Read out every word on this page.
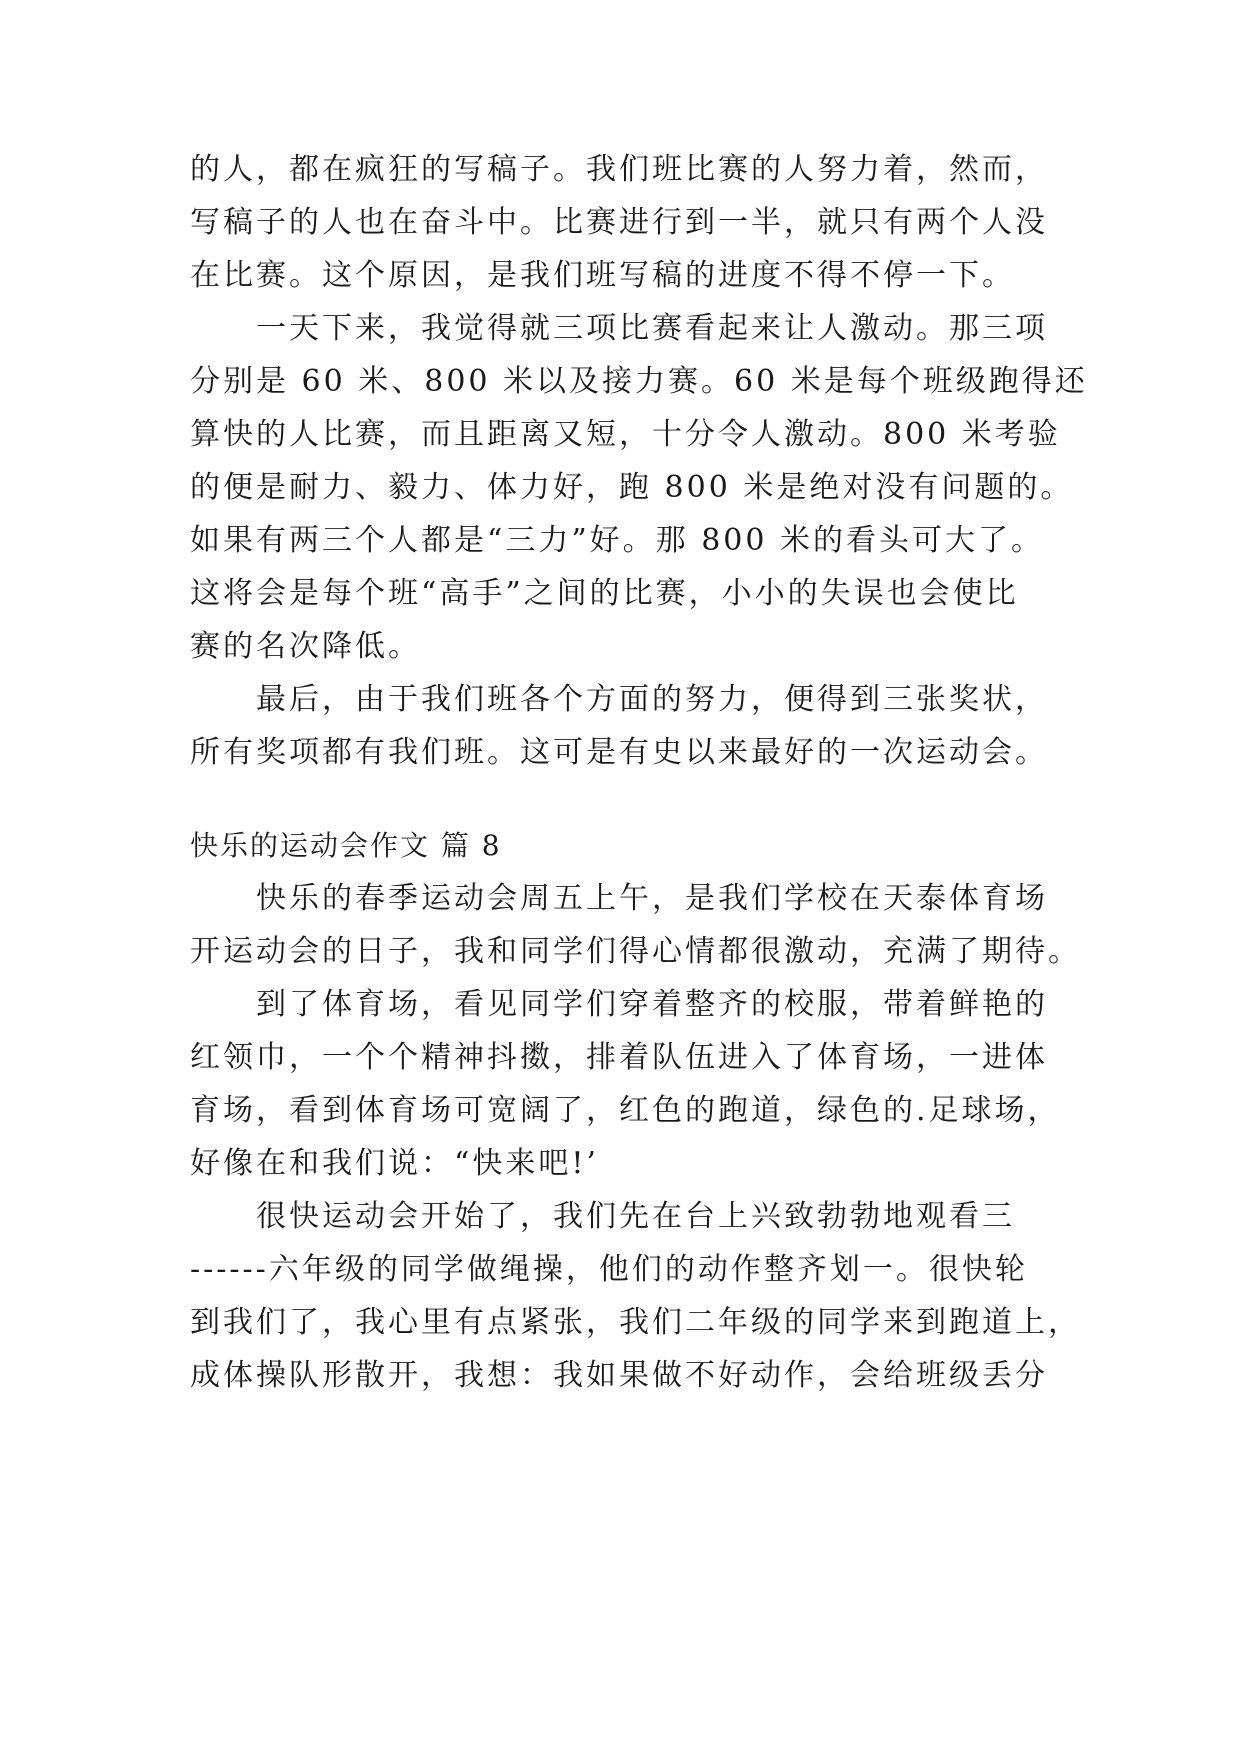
的人，都在疯狂的写稿子。我们班比赛的人努力着，然而，
写稿子的人也在奋斗中。比赛进行到一半，就只有两个人没
在比赛。这个原因，是我们班写稿的进度不得不停一下。
一天下来，我觉得就三项比赛看起来让人激动。那三项
分别是 60 米、800 米以及接力赛。60 米是每个班级跑得还
算快的人比赛，而且距离又短，十分令人激动。800 米考验
的便是耐力、毅力、体力好，跑 800 米是绝对没有问题的。
如果有两三个人都是“三力”好。那 800 米的看头可大了。
这将会是每个班“高手”之间的比赛，小小的失误也会使比
赛的名次降低。
最后，由于我们班各个方面的努力，便得到三张奖状，
所有奖项都有我们班。这可是有史以来最好的一次运动会。
快乐的运动会作文 篇 8
快乐的春季运动会周五上午，是我们学校在天泰体育场
开运动会的日子，我和同学们得心情都很激动，充满了期待。
到了体育场，看见同学们穿着整齐的校服，带着鲜艳的
红领巾，一个个精神抖擞，排着队伍进入了体育场，一进体
育场，看到体育场可宽阔了，红色的跑道，绿色的.足球场，
好像在和我们说：“快来吧!’
很快运动会开始了，我们先在台上兴致勃勃地观看三
------六年级的同学做绳操，他们的动作整齐划一。很快轮
到我们了，我心里有点紧张，我们二年级的同学来到跑道上，
成体操队形散开，我想：我如果做不好动作，会给班级丢分
